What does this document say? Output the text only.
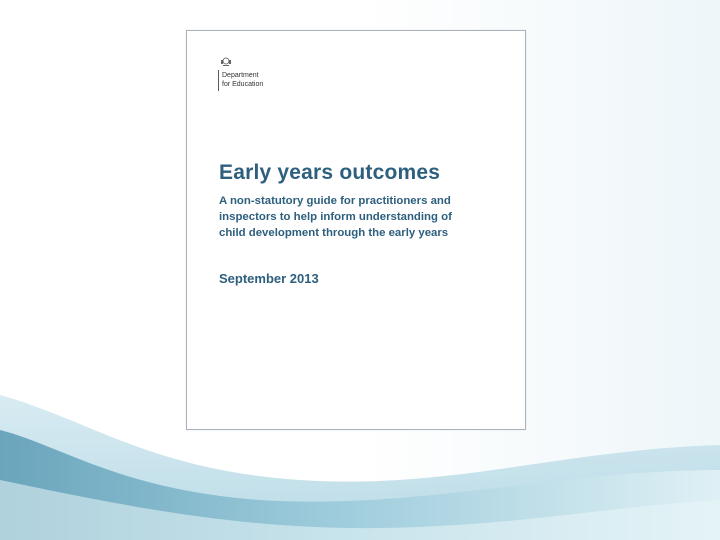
Department
for Education
Early years outcomes
A non-statutory guide for practitioners and
inspectors to help inform understanding of
child development through the early years
September 2013
